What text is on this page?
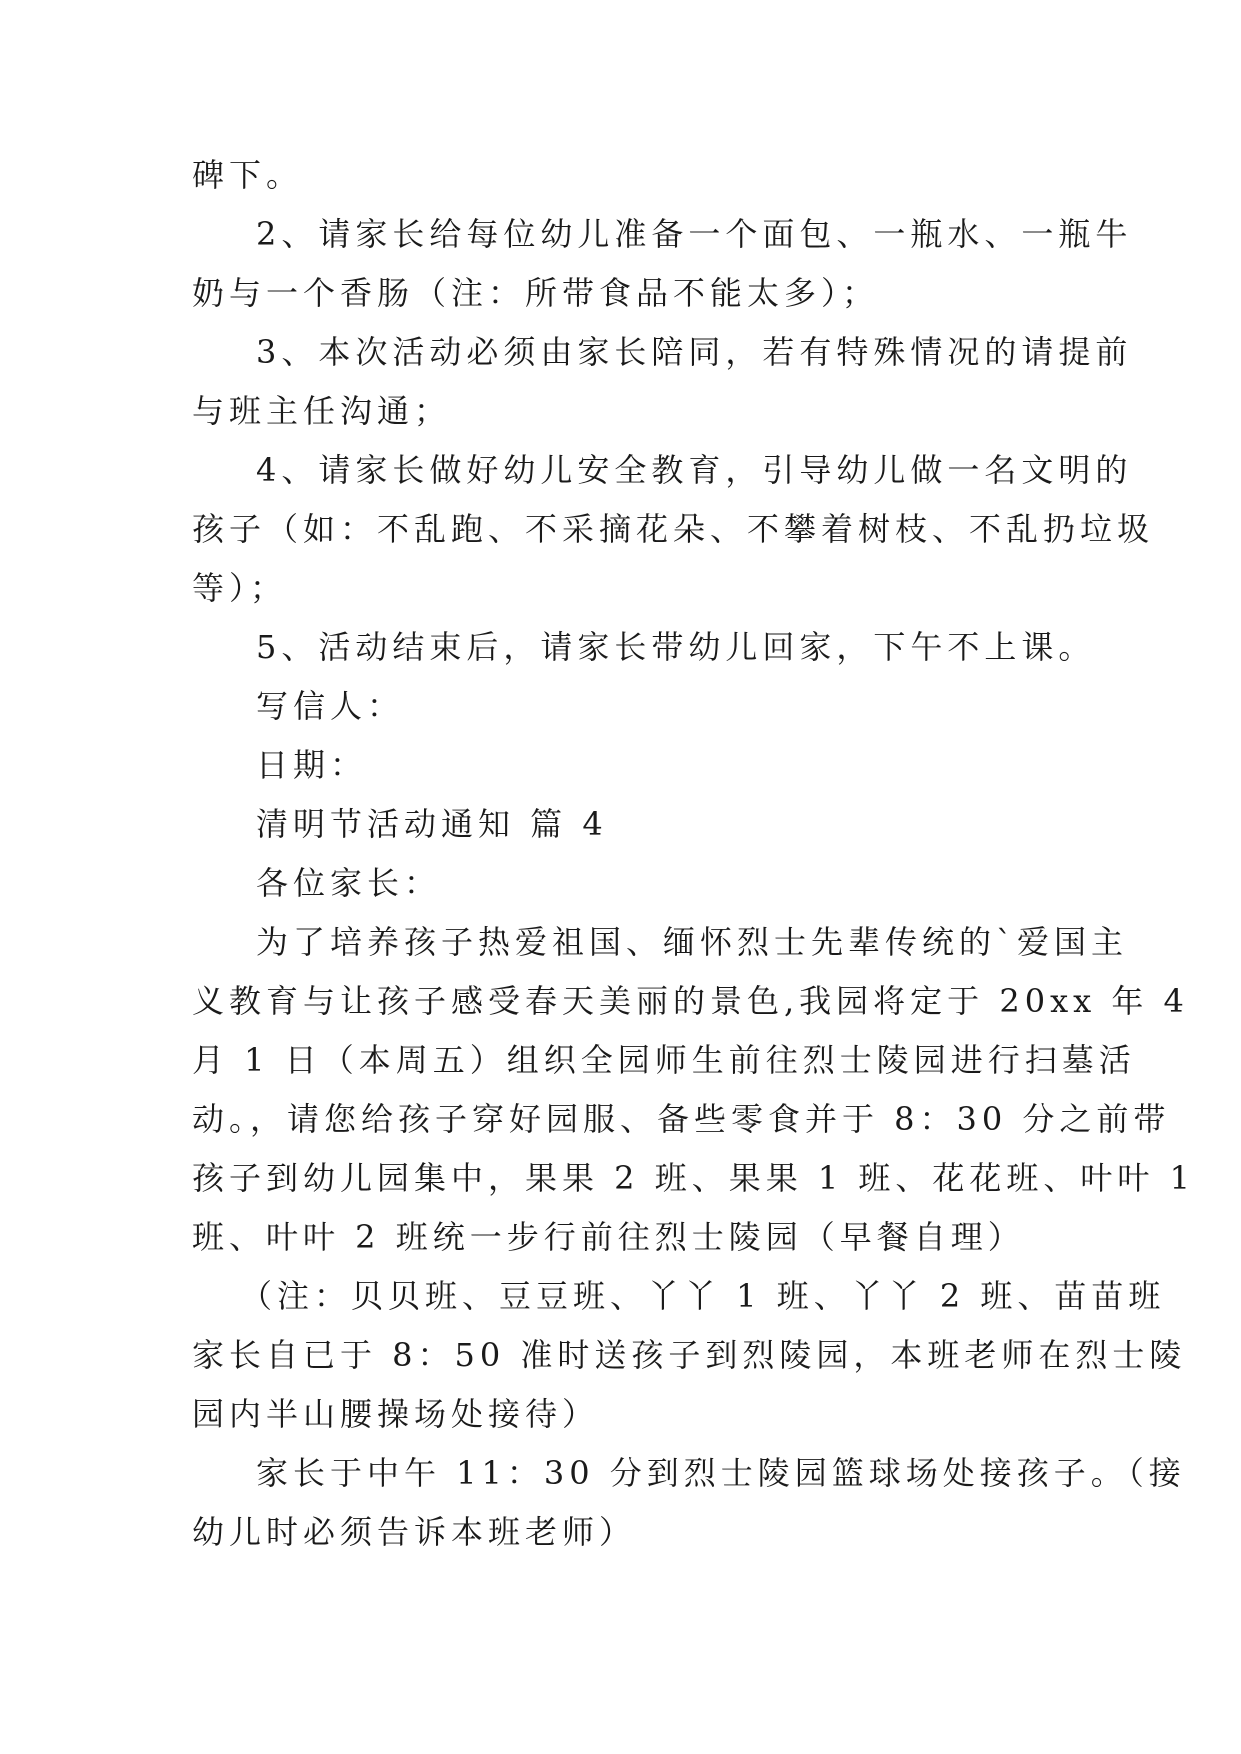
碑下。

2、请家长给每位幼儿准备一个面包、一瓶水、一瓶牛

奶与一个香肠（注：所带食品不能太多）；

3、本次活动必须由家长陪同，若有特殊情况的请提前

与班主任沟通；

4、请家长做好幼儿安全教育，引导幼儿做一名文明的

孩子（如：不乱跑、不采摘花朵、不攀着树枝、不乱扔垃圾

等）；

5、活动结束后，请家长带幼儿回家，下午不上课。

写信人：

日期：

清明节活动通知 篇 4

各位家长：

为了培养孩子热爱祖国、缅怀烈士先辈传统的`爱国主

义教育与让孩子感受春天美丽的景色,我园将定于 20xx 年 4

月 1 日（本周五）组织全园师生前往烈士陵园进行扫墓活

动。，请您给孩子穿好园服、备些零食并于 8：30 分之前带

孩子到幼儿园集中，果果 2 班、果果 1 班、花花班、叶叶 1

班、叶叶 2 班统一步行前往烈士陵园（早餐自理）

（注：贝贝班、豆豆班、丫丫 1 班、丫丫 2 班、苗苗班

家长自已于 8：50 准时送孩子到烈陵园，本班老师在烈士陵

园内半山腰操场处接待）

家长于中午 11：30 分到烈士陵园篮球场处接孩子。（接

幼儿时必须告诉本班老师）
